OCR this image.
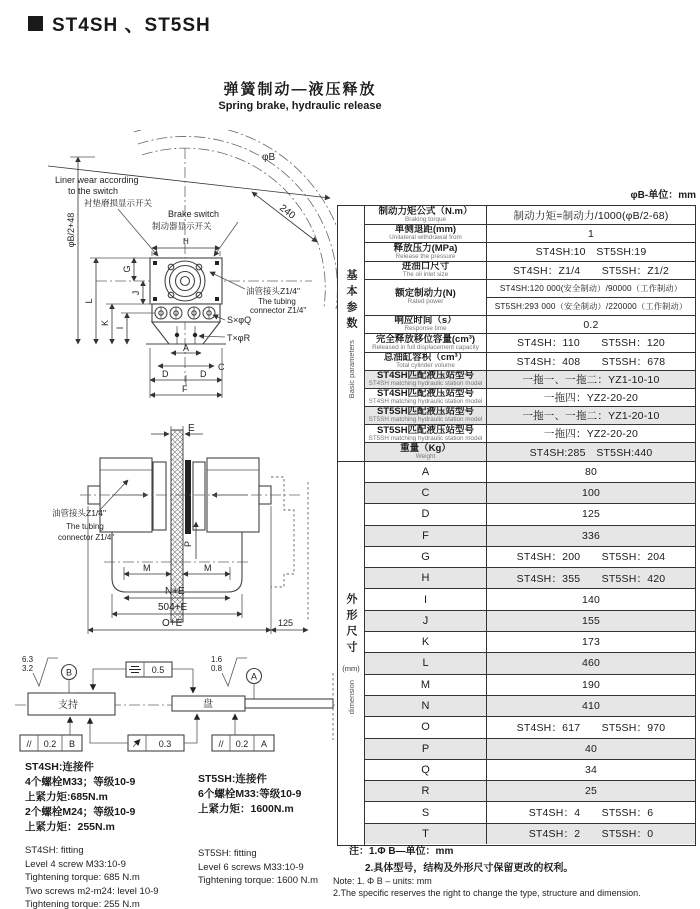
ST4SH 、ST5SH
弹簧制动—液压释放
Spring brake, hydraulic release
φB-单位：mm
φB
240
H
Liner wear according
to the switch
衬垫磨损显示开关
Brake switch
制动器显示开关
φB/2+48
L
K
I
G
J	油管接头Z1/4"
The tubing
connector Z1/4"
S×φQ
T×φR
A
C
D	D
F
E
油管接头Z1/4"
The tubing
connector Z1/4"
P
M	M
N+E
504+E
O+E	125
支持	盘
6.3
3.2	B	0.5
1.6
0.8
A
// 0.2 B	0.3	// 0.2 A
基本参数
Basic parameters
外形尺寸
(mm)
dimension
制动力矩公式（N.m）
Braking torque	制动力矩=制动力/1000(φB/2-68)
单侧退距(mm)
Unilateral withdrawal from	1
释放压力(MPa)
Release the pressure	ST4SH:10　ST5SH:19
进油口尺寸
The oil inlet size	ST4SH：Z1/4　　ST5SH：Z1/2
额定制动力(N)
Rated power
ST4SH:120 000(安全制动）/90000（工作制动）
ST5SH:293 000（安全制动）/220000（工作制动）
响应时间（s）
Response time	0.2
完全释放移位容量(cm³)
Released in full displacement capacity	ST4SH：110　　ST5SH：120
总油缸容积（cm³）
Total cylinder volume	ST4SH：408　　ST5SH：678
ST4SH匹配液压站型号
ST4SH matching hydraulic station model	一拖一、一拖二：YZ1-10-10
ST4SH匹配液压站型号
ST4SH matching hydraulic station model	一拖四：YZ2-20-20
ST5SH匹配液压站型号
ST5SH matching hydraulic station model	一拖一、一拖二：YZ1-20-10
ST5SH匹配液压站型号
ST5SH matching hydraulic station model	一拖四：YZ2-20-20
重量（Kg）
Weight	ST4SH:285　ST5SH:440
A	80
C	100
D	125
F	336
G	ST4SH：200　　ST5SH：204
H	ST4SH：355　　ST5SH：420
I	140
J	155
K	173
L	460
M	190
N	410
O	ST4SH：617　　ST5SH：970
P	40
Q	34
R	25
S	ST4SH：4　　ST5SH：6
T	ST4SH：2　　ST5SH：0
注：1.Φ B—单位：mm
2.具体型号，结构及外形尺寸保留更改的权利。
Note: 1. Φ B – units: mm
2.The specific reserves the right to change the type, structure and dimension.
ST4SH:连接件
4个螺栓M33；等级10-9
上紧力矩:685N.m
2个螺栓M24；等级10-9
上紧力矩：255N.m
ST4SH: fitting
Level 4 screw M33:10-9
Tightening torque: 685 N.m
Two screws m2-m24: level 10-9
Tightening torque: 255 N.m
ST5SH:连接件
6个螺栓M33:等级10-9
上紧力矩：1600N.m
ST5SH: fitting
Level 6 screws M33:10-9
Tightening torque: 1600 N.m
